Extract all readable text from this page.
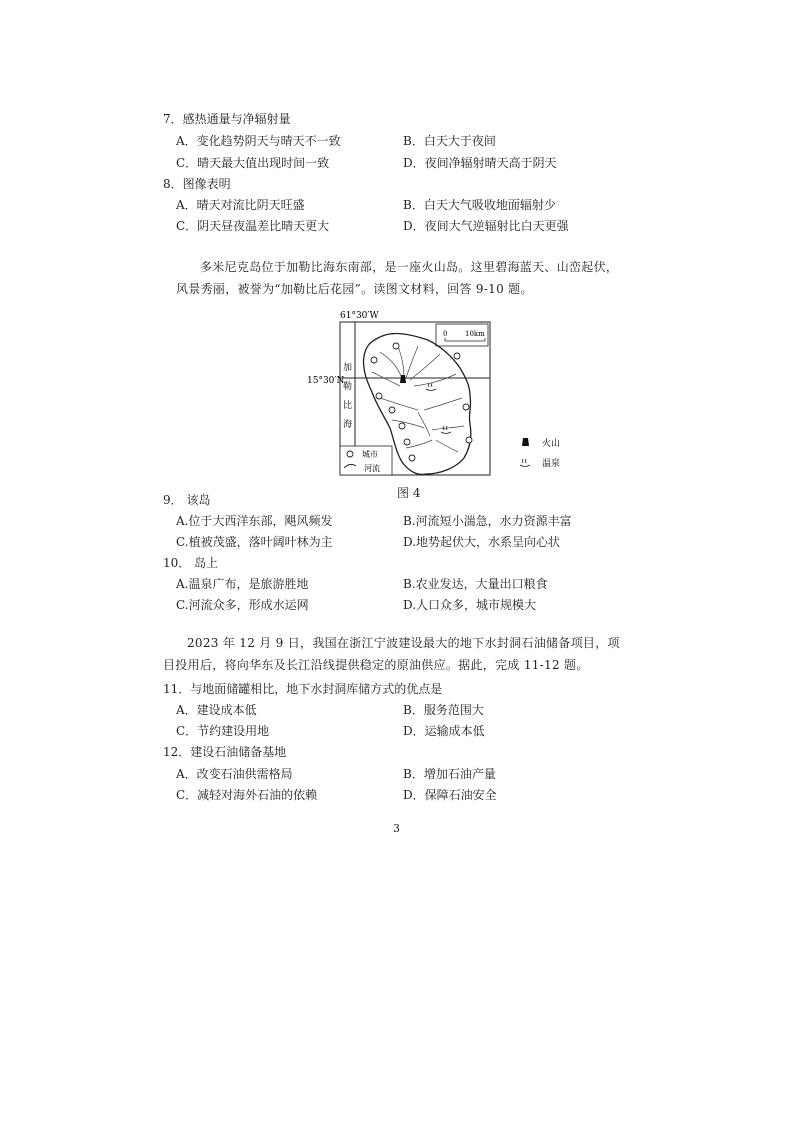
7．感热通量与净辐射量
A．变化趋势阴天与晴天不一致	B．白天大于夜间
C．晴天最大值出现时间一致	D．夜间净辐射晴天高于阴天
8．图像表明
A．晴天对流比阴天旺盛	B．白天大气吸收地面辐射少
C．阴天昼夜温差比晴天更大	D．夜间大气逆辐射比白天更强
多米尼克岛位于加勒比海东南部，是一座火山岛。这里碧海蓝天、山峦起伏，风景秀丽，被誉为“加勒比后花园”。读图文材料，回答 9-10 题。
61°30′W
15°30′N
0	10km
加 勒 比 海
城市
河流
火山
温泉
图 4
9． 该岛
A.位于大西洋东部，飓风频发	B.河流短小湍急，水力资源丰富
C.植被茂盛，落叶阔叶林为主	D.地势起伏大，水系呈向心状
10． 岛上
A.温泉广布，是旅游胜地	B.农业发达，大量出口粮食
C.河流众多，形成水运网	D.人口众多，城市规模大
2023 年 12 月 9 日，我国在浙江宁波建设最大的地下水封洞石油储备项目，项目投用后，将向华东及长江沿线提供稳定的原油供应。据此，完成 11-12 题。
11．与地面储罐相比，地下水封洞库储方式的优点是
A．建设成本低	B．服务范围大
C．节约建设用地	D．运输成本低
12．建设石油储备基地
A．改变石油供需格局	B．增加石油产量
C．减轻对海外石油的依赖	D．保障石油安全
3
